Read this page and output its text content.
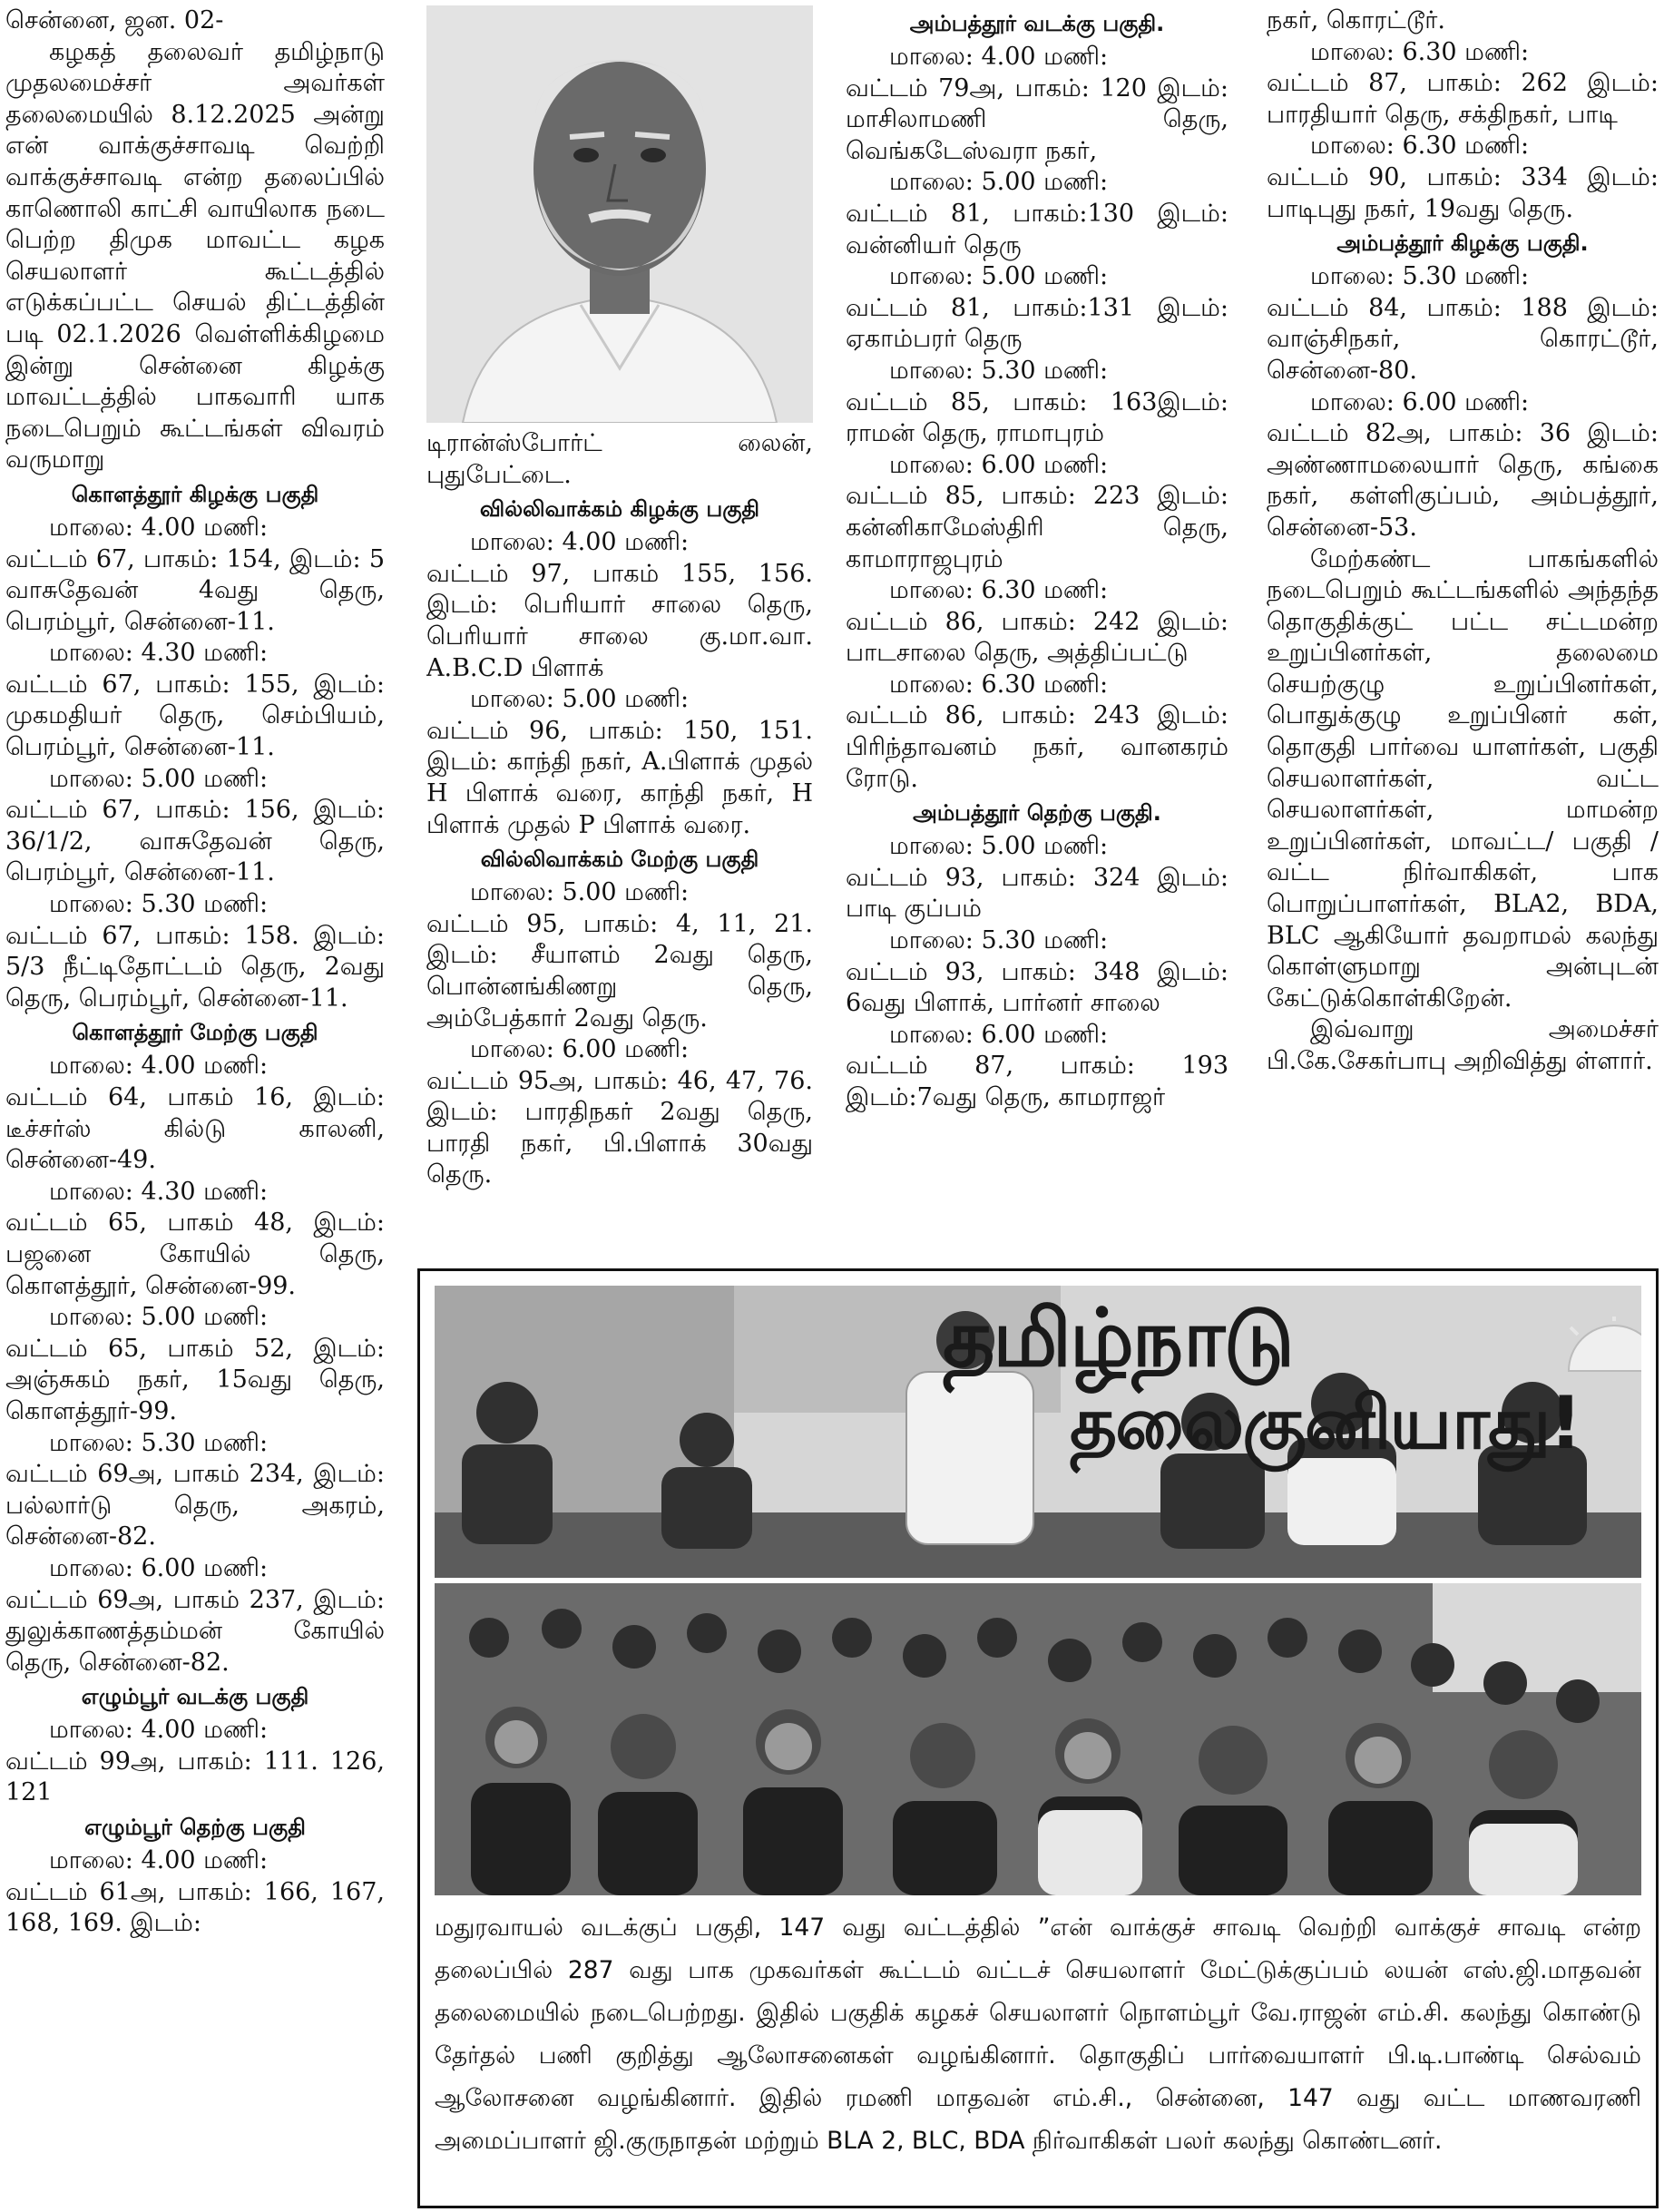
சென்னை, ஜன. 02-

கழகத் தலைவர் தமிழ்நாடு முதலமைச்சர் அவர்கள் தலைமையில் 8.12.2025 அன்று என் வாக்குச்சாவடி வெற்றி வாக்குச்சாவடி என்ற தலைப்பில் காணொலி காட்சி வாயிலாக நடை பெற்ற திமுக மாவட்ட கழக செயலாளர் கூட்டத்தில் எடுக்கப்பட்ட செயல் திட்டத்தின் படி 02.1.2026 வெள்ளிக்கிழமை இன்று சென்னை கிழக்கு மாவட்டத்தில் பாகவாரி யாக நடைபெறும் கூட்டங்கள் விவரம் வருமாறு

கொளத்தூர் கிழக்கு பகுதி

மாலை: 4.00 மணி:

வட்டம் 67, பாகம்: 154, இடம்: 5 வாசுதேவன் 4வது தெரு, பெரம்பூர், சென்னை-11.

மாலை: 4.30 மணி:

வட்டம் 67, பாகம்: 155, இடம்: முகமதியர் தெரு, செம்பியம், பெரம்பூர், சென்னை-11.

மாலை: 5.00 மணி:

வட்டம் 67, பாகம்: 156, இடம்: 36/1/2, வாசுதேவன் தெரு, பெரம்பூர், சென்னை-11.

மாலை: 5.30 மணி:

வட்டம் 67, பாகம்: 158. இடம்: 5/3 நீட்டிதோட்டம் தெரு, 2வது தெரு, பெரம்பூர், சென்னை-11.

கொளத்தூர் மேற்கு பகுதி

மாலை: 4.00 மணி:

வட்டம் 64, பாகம் 16, இடம்: டீச்சர்ஸ் கில்டு காலனி, சென்னை-49.

மாலை: 4.30 மணி:

வட்டம் 65, பாகம் 48, இடம்: பஜனை கோயில் தெரு, கொளத்தூர், சென்னை-99.

மாலை: 5.00 மணி:

வட்டம் 65, பாகம் 52, இடம்: அஞ்சுகம் நகர், 15வது தெரு, கொளத்தூர்-99.

மாலை: 5.30 மணி:

வட்டம் 69அ, பாகம் 234, இடம்: பல்லார்டு தெரு, அகரம், சென்னை-82.

மாலை: 6.00 மணி:

வட்டம் 69அ, பாகம் 237, இடம்: துலுக்காணத்தம்மன் கோயில் தெரு, சென்னை-82.

எழும்பூர் வடக்கு பகுதி

மாலை: 4.00 மணி:

வட்டம் 99அ, பாகம்: 111. 126, 121

எழும்பூர் தெற்கு பகுதி

மாலை: 4.00 மணி:

வட்டம் 61அ, பாகம்: 166, 167, 168, 169. இடம்:

டிரான்ஸ்போர்ட் லைன், புதுபேட்டை.

வில்லிவாக்கம் கிழக்கு பகுதி

மாலை: 4.00 மணி:

வட்டம் 97, பாகம் 155, 156. இடம்: பெரியார் சாலை தெரு, பெரியார் சாலை கு.மா.வா. A.B.C.D பிளாக்

மாலை: 5.00 மணி:

வட்டம் 96, பாகம்: 150, 151. இடம்: காந்தி நகர், A.பிளாக் முதல் H பிளாக் வரை, காந்தி நகர், H பிளாக் முதல் P பிளாக் வரை.

வில்லிவாக்கம் மேற்கு பகுதி

மாலை: 5.00 மணி:

வட்டம் 95, பாகம்: 4, 11, 21. இடம்: சீயாளம் 2வது தெரு, பொன்னங்கிணறு தெரு, அம்பேத்கார் 2வது தெரு.

மாலை: 6.00 மணி:

வட்டம் 95அ, பாகம்: 46, 47, 76. இடம்: பாரதிநகர் 2வது தெரு, பாரதி நகர், பி.பிளாக் 30வது தெரு.

அம்பத்தூர் வடக்கு பகுதி.

மாலை: 4.00 மணி:

வட்டம் 79அ, பாகம்: 120 இடம்: மாசிலாமணி தெரு, வெங்கடேஸ்வரா நகர்,

மாலை: 5.00 மணி:

வட்டம் 81, பாகம்:130 இடம்: வன்னியர் தெரு

மாலை: 5.00 மணி:

வட்டம் 81, பாகம்:131 இடம்: ஏகாம்பரர் தெரு

மாலை: 5.30 மணி:

வட்டம் 85, பாகம்: 163இடம்: ராமன் தெரு, ராமாபுரம்

மாலை: 6.00 மணி:

வட்டம் 85, பாகம்: 223 இடம்: கன்னிகாமேஸ்திரி தெரு, காமாராஜபுரம்

மாலை: 6.30 மணி:

வட்டம் 86, பாகம்: 242 இடம்: பாடசாலை தெரு, அத்திப்பட்டு

மாலை: 6.30 மணி:

வட்டம் 86, பாகம்: 243 இடம்: பிரிந்தாவனம் நகர், வானகரம் ரோடு.

அம்பத்தூர் தெற்கு பகுதி.

மாலை: 5.00 மணி:

வட்டம் 93, பாகம்: 324 இடம்: பாடி குப்பம்

மாலை: 5.30 மணி:

வட்டம் 93, பாகம்: 348 இடம்: 6வது பிளாக், பார்னர் சாலை

மாலை: 6.00 மணி:

வட்டம் 87, பாகம்: 193 இடம்:7வது தெரு, காமராஜர்

நகர், கொரட்டூர்.

மாலை: 6.30 மணி:

வட்டம் 87, பாகம்: 262 இடம்: பாரதியார் தெரு, சக்திநகர், பாடி

மாலை: 6.30 மணி:

வட்டம் 90, பாகம்: 334 இடம்: பாடிபுது நகர், 19வது தெரு.

அம்பத்தூர் கிழக்கு பகுதி.

மாலை: 5.30 மணி:

வட்டம் 84, பாகம்: 188 இடம்: வாஞ்சிநகர், கொரட்டூர், சென்னை-80.

மாலை: 6.00 மணி:

வட்டம் 82அ, பாகம்: 36 இடம்: அண்ணாமலையார் தெரு, கங்கை நகர், கள்ளிகுப்பம், அம்பத்தூர், சென்னை-53.

மேற்கண்ட பாகங்களில் நடைபெறும் கூட்டங்களில் அந்தந்த தொகுதிக்குட் பட்ட சட்டமன்ற உறுப்பினர்கள், தலைமை செயற்குழு உறுப்பினர்கள், பொதுக்குழு உறுப்பினர் கள், தொகுதி பார்வை யாளர்கள், பகுதி செயலாளர்கள், வட்ட செயலாளர்கள், மாமன்ற உறுப்பினர்கள், மாவட்ட/ பகுதி / வட்ட நிர்வாகிகள், பாக பொறுப்பாளர்கள், BLA2, BDA, BLC ஆகியோர் தவறாமல் கலந்து கொள்ளுமாறு அன்புடன் கேட்டுக்கொள்கிறேன்.

இவ்வாறு அமைச்சர் பி.கே.சேகர்பாபு அறிவித்து ள்ளார்.

தமிழ்நாடு
தலைகுனியாது!
மதுரவாயல் வடக்குப் பகுதி, 147 வது வட்டத்தில் ”என் வாக்குச் சாவடி வெற்றி வாக்குச் சாவடி என்ற தலைப்பில் 287 வது பாக முகவர்கள் கூட்டம் வட்டச் செயலாளர் மேட்டுக்குப்பம் லயன் எஸ்.ஜி.மாதவன் தலைமையில் நடைபெற்றது. இதில் பகுதிக் கழகச் செயலாளர் நொளம்பூர் வே.ராஜன் எம்.சி. கலந்து கொண்டு தேர்தல் பணி குறித்து ஆலோசனைகள் வழங்கினார். தொகுதிப் பார்வையாளர் பி.டி.பாண்டி செல்வம் ஆலோசனை வழங்கினார். இதில் ரமணி மாதவன் எம்.சி., சென்னை, 147 வது வட்ட மாணவரணி அமைப்பாளர் ஜி.குருநாதன் மற்றும் BLA 2, BLC, BDA நிர்வாகிகள் பலர் கலந்து கொண்டனர்.
